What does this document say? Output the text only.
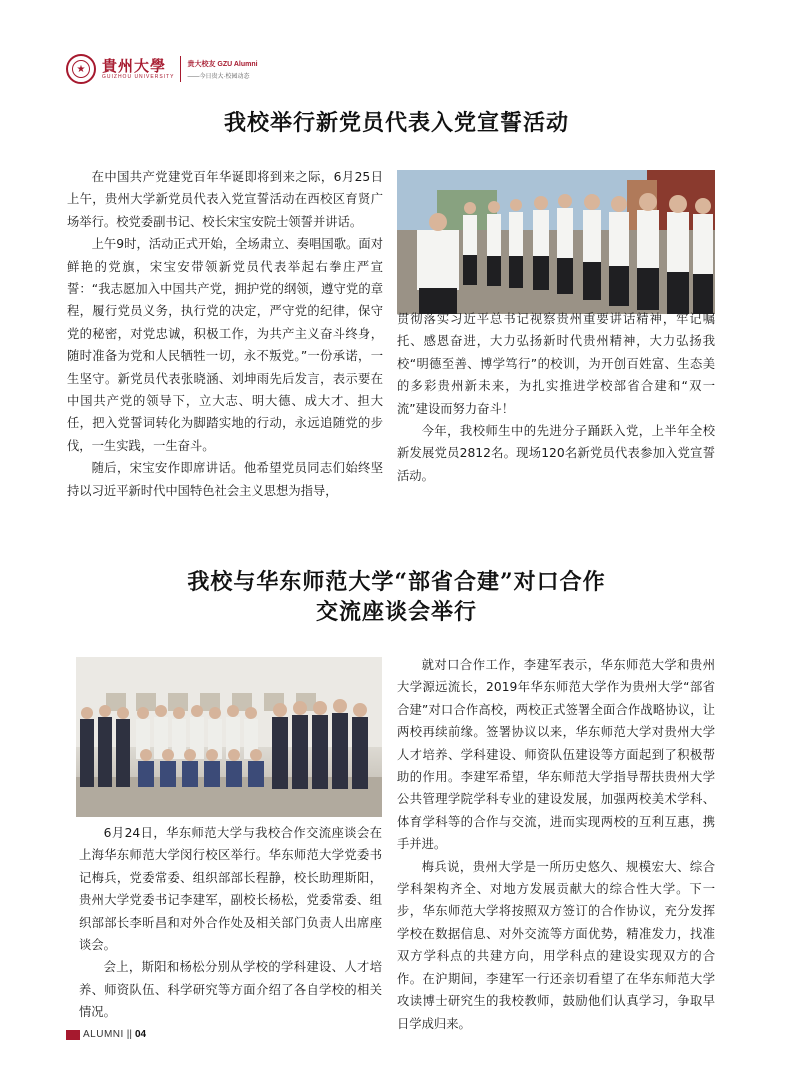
★	貴州大學
GUIZHOU UNIVERSITY
贵大校友 GZU Alumni
——今日贵大·校园动态
我校举行新党员代表入党宣誓活动

在中国共产党建党百年华诞即将到来之际，6月25日上午，贵州大学新党员代表入党宣誓活动在西校区育贤广场举行。校党委副书记、校长宋宝安院士领誓并讲话。

上午9时，活动正式开始，全场肃立、奏唱国歌。面对鲜艳的党旗，宋宝安带领新党员代表举起右拳庄严宣誓：“我志愿加入中国共产党，拥护党的纲领，遵守党的章程，履行党员义务，执行党的决定，严守党的纪律，保守党的秘密，对党忠诚，积极工作，为共产主义奋斗终身，随时准备为党和人民牺牲一切，永不叛党。”一份承诺，一生坚守。新党员代表张晓涵、刘坤雨先后发言，表示要在中国共产党的领导下，立大志、明大德、成大才、担大任，把入党誓词转化为脚踏实地的行动，永远追随党的步伐，一生实践，一生奋斗。

随后，宋宝安作即席讲话。他希望党员同志们始终坚持以习近平新时代中国特色社会主义思想为指导，

贯彻落实习近平总书记视察贵州重要讲话精神，牢记嘱托、感恩奋进，大力弘扬新时代贵州精神，大力弘扬我校“明德至善、博学笃行”的校训，为开创百姓富、生态美的多彩贵州新未来，为扎实推进学校部省合建和“双一流”建设而努力奋斗！

今年，我校师生中的先进分子踊跃入党，上半年全校新发展党员2812名。现场120名新党员代表参加入党宣誓活动。

我校与华东师范大学“部省合建”对口合作
交流座谈会举行

6月24日，华东师范大学与我校合作交流座谈会在上海华东师范大学闵行校区举行。华东师范大学党委书记梅兵，党委常委、组织部部长程静，校长助理斯阳，贵州大学党委书记李建军，副校长杨松，党委常委、组织部部长李昕昌和对外合作处及相关部门负责人出席座谈会。

会上，斯阳和杨松分别从学校的学科建设、人才培养、师资队伍、科学研究等方面介绍了各自学校的相关情况。

就对口合作工作，李建军表示，华东师范大学和贵州大学源远流长，2019年华东师范大学作为贵州大学“部省合建”对口合作高校，两校正式签署全面合作战略协议，让两校再续前缘。签署协议以来，华东师范大学对贵州大学人才培养、学科建设、师资队伍建设等方面起到了积极帮助的作用。李建军希望，华东师范大学指导帮扶贵州大学公共管理学院学科专业的建设发展，加强两校美术学科、体育学科等的合作与交流，进而实现两校的互利互惠，携手并进。

梅兵说，贵州大学是一所历史悠久、规模宏大、综合学科架构齐全、对地方发展贡献大的综合性大学。下一步，华东师范大学将按照双方签订的合作协议，充分发挥学校在数据信息、对外交流等方面优势，精准发力，找准双方学科点的共建方向，用学科点的建设实现双方的合作。在沪期间，李建军一行还亲切看望了在华东师范大学攻读博士研究生的我校教师，鼓励他们认真学习，争取早日学成归来。

ALUMNI || 04
